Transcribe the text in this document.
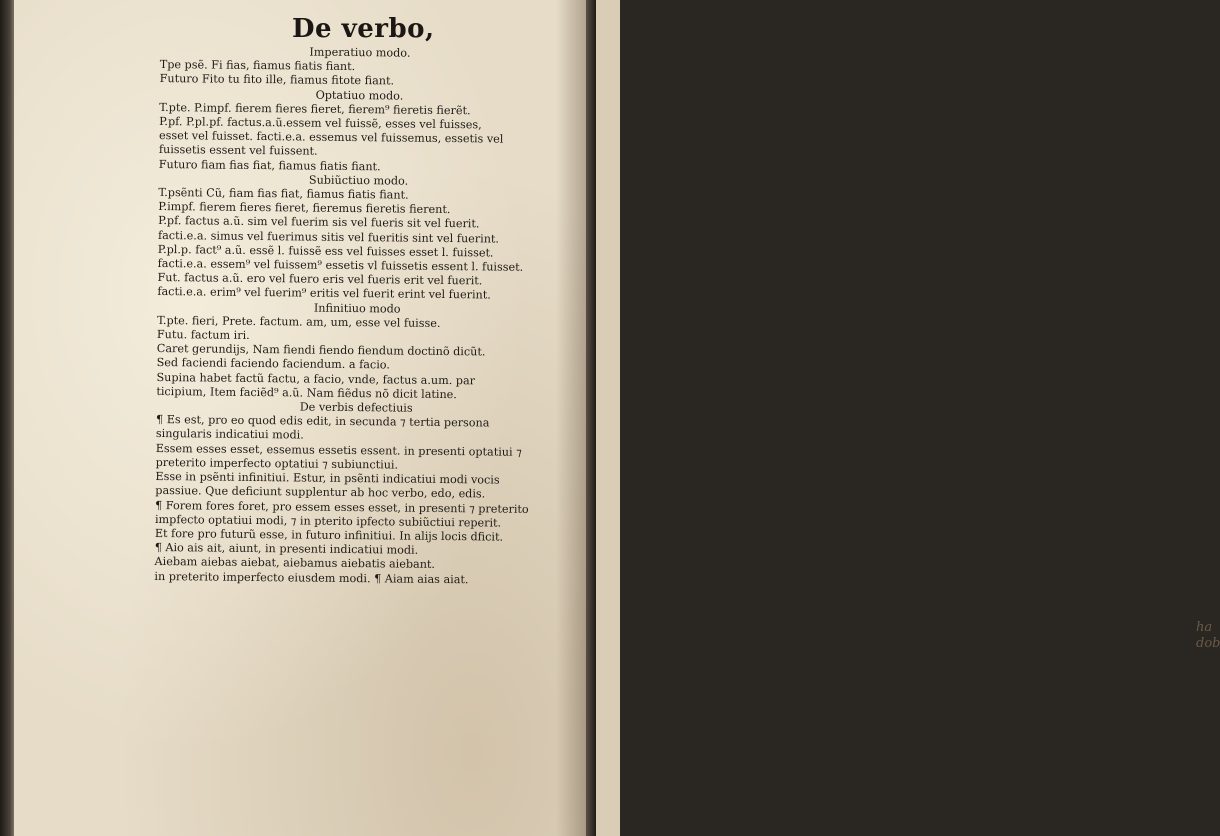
De verbo,
Imperatiuo modo.
Tpe psẽ. Fi fias, fiamus fiatis fiant.
Futuro Fito tu fito ille, fiamus fitote fiant.
Optatiuo modo.
T.pte. P.impf. fierem fieres fieret, fierem⁹ fieretis fierẽt.
P.pf. P.pl.pf. factus.a.ũ.essem vel fuissẽ, esses vel fuisses,
esset vel fuisset. facti.e.a. essemus vel fuissemus, essetis vel
fuissetis essent vel fuissent.
Futuro fiam fias fiat, fiamus fiatis fiant.
Subiũctiuo modo.
T.psẽnti Cũ, fiam fias fiat, fiamus fiatis fiant.
P.impf. fierem fieres fieret, fieremus fieretis fierent.
P.pf. factus a.ũ. sim vel fuerim sis vel fueris sit vel fuerit.
facti.e.a. simus vel fuerimus sitis vel fueritis sint vel fuerint.
P.pl.p. fact⁹ a.ũ. essẽ l. fuissẽ ess vel fuisses esset l. fuisset.
facti.e.a. essem⁹ vel fuissem⁹ essetis vl fuissetis essent l. fuisset.
Fut. factus a.ũ. ero vel fuero eris vel fueris erit vel fuerit.
facti.e.a. erim⁹ vel fuerim⁹ eritis vel fuerit erint vel fuerint.
Infinitiuo modo
T.pte. fieri, Prete. factum. am, um, esse vel fuisse.
Futu. factum iri.
Caret gerundijs, Nam fiendi fiendo fiendum doctinõ dicũt.
Sed faciendi faciendo faciendum. a facio.
Supina habet factũ factu, a facio, vnde, factus a.um. par
ticipium, Item faciẽd⁹ a.ũ. Nam fiẽdus nõ dicit latine.
De verbis defectiuis
¶ Es est, pro eo quod edis edit, in secunda ⁊ tertia persona
singularis indicatiui modi.
Essem esses esset, essemus essetis essent. in presenti optatiui ⁊
preterito imperfecto optatiui ⁊ subiunctiui.
Esse in psẽnti infinitiui. Estur, in psẽnti indicatiui modi vocis
passiue. Que deficiunt supplentur ab hoc verbo, edo, edis.
¶ Forem fores foret, pro essem esses esset, in presenti ⁊ preterito
impfecto optatiui modi, ⁊ in pterito ipfecto subiũctiui reperit.
Et fore pro futurũ esse, in futuro infinitiui. In alijs locis dficit.
¶ Aio ais ait, aiunt, in presenti indicatiui modi.
Aiebam aiebas aiebat, aiebamus aiebatis aiebant.
in preterito imperfecto eiusdem modi. ¶ Aiam aias aiat.
ha dob
